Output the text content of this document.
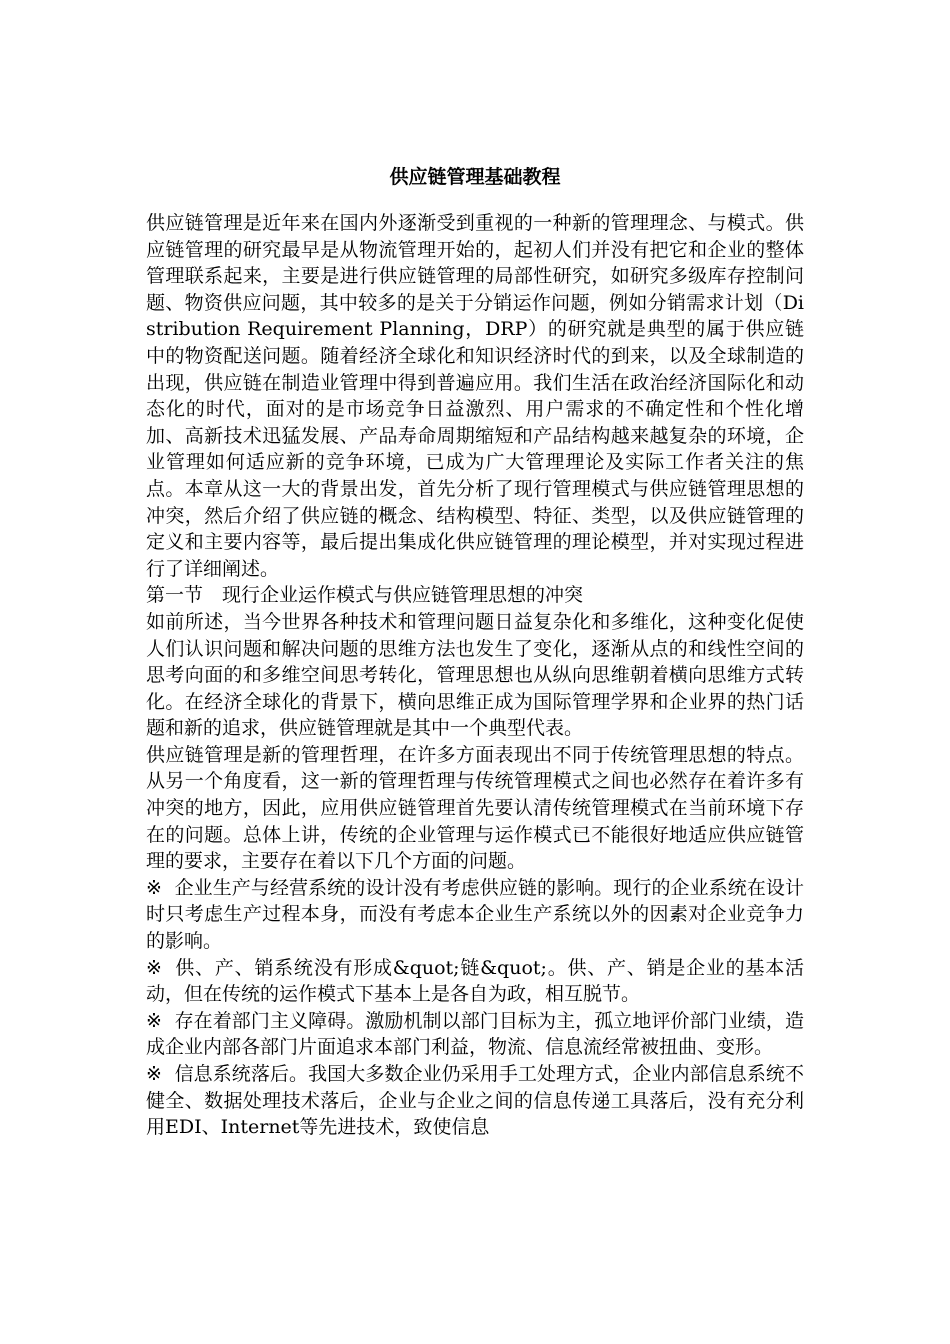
供应链管理基础教程

供应链管理是近年来在国内外逐渐受到重视的一种新的管理理念、与模式。供应链管理的研究最早是从物流管理开始的，起初人们并没有把它和企业的整体管理联系起来，主要是进行供应链管理的局部性研究，如研究多级库存控制问题、物资供应问题，其中较多的是关于分销运作问题，例如分销需求计划（Distribution Requirement Planning，DRP）的研究就是典型的属于供应链中的物资配送问题。随着经济全球化和知识经济时代的到来，以及全球制造的出现，供应链在制造业管理中得到普遍应用。我们生活在政治经济国际化和动态化的时代，面对的是市场竞争日益激烈、用户需求的不确定性和个性化增加、高新技术迅猛发展、产品寿命周期缩短和产品结构越来越复杂的环境，企业管理如何适应新的竞争环境，已成为广大管理理论及实际工作者关注的焦点。本章从这一大的背景出发，首先分析了现行管理模式与供应链管理思想的冲突，然后介绍了供应链的概念、结构模型、特征、类型，以及供应链管理的定义和主要内容等，最后提出集成化供应链管理的理论模型，并对实现过程进行了详细阐述。

第一节　现行企业运作模式与供应链管理思想的冲突

如前所述，当今世界各种技术和管理问题日益复杂化和多维化，这种变化促使人们认识问题和解决问题的思维方法也发生了变化，逐渐从点的和线性空间的思考向面的和多维空间思考转化，管理思想也从纵向思维朝着横向思维方式转化。在经济全球化的背景下，横向思维正成为国际管理学界和企业界的热门话题和新的追求，供应链管理就是其中一个典型代表。

供应链管理是新的管理哲理，在许多方面表现出不同于传统管理思想的特点。从另一个角度看，这一新的管理哲理与传统管理模式之间也必然存在着许多有冲突的地方，因此，应用供应链管理首先要认清传统管理模式在当前环境下存在的问题。总体上讲，传统的企业管理与运作模式已不能很好地适应供应链管理的要求，主要存在着以下几个方面的问题。

※ 企业生产与经营系统的设计没有考虑供应链的影响。现行的企业系统在设计时只考虑生产过程本身，而没有考虑本企业生产系统以外的因素对企业竞争力的影响。

※ 供、产、销系统没有形成&quot;链&quot;。供、产、销是企业的基本活动，但在传统的运作模式下基本上是各自为政，相互脱节。

※ 存在着部门主义障碍。激励机制以部门目标为主，孤立地评价部门业绩，造成企业内部各部门片面追求本部门利益，物流、信息流经常被扭曲、变形。

※ 信息系统落后。我国大多数企业仍采用手工处理方式，企业内部信息系统不健全、数据处理技术落后，企业与企业之间的信息传递工具落后，没有充分利用EDI、Internet等先进技术，致使信息
